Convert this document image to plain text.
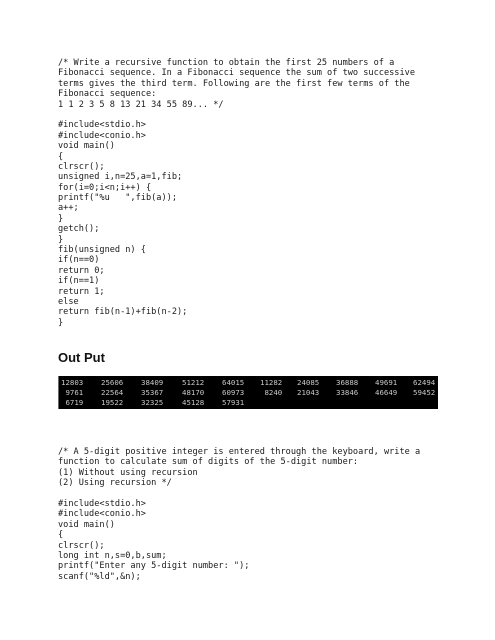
/* Write a recursive function to obtain the first 25 numbers of a
Fibonacci sequence. In a Fibonacci sequence the sum of two successive
terms gives the third term. Following are the first few terms of the
Fibonacci sequence:
1 1 2 3 5 8 13 21 34 55 89... */
#include<stdio.h>
#include<conio.h>
void main()
{
clrscr();
unsigned i,n=25,a=1,fib;
for(i=0;i<n;i++) {
printf("%u   ",fib(a));
a++;
}
getch();
}
fib(unsigned n) {
if(n==0)
return 0;
if(n==1)
return 1;
else
return fib(n-1)+fib(n-2);
}
Out Put
12803 25606 38409	51212 64015 11282 24085 36888 49691 62494
9761 22564 35367	48170 60973 8240 21043 33846 46649 59452
6719 19522 32325	45128 57931
/* A 5-digit positive integer is entered through the keyboard, write a
function to calculate sum of digits of the 5-digit number:
(1) Without using recursion
(2) Using recursion */
#include<stdio.h>
#include<conio.h>
void main()
{
clrscr();
long int n,s=0,b,sum;
printf("Enter any 5-digit number: ");
scanf("%ld",&n);
